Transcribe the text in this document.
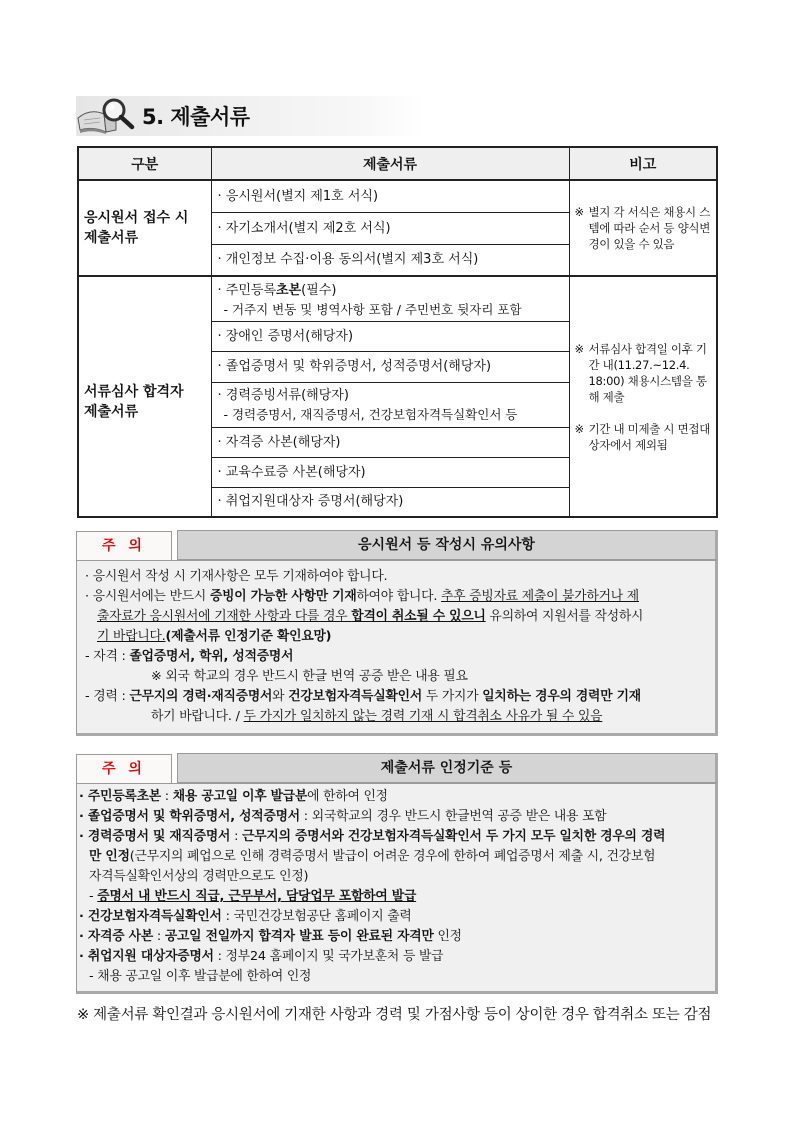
5. 제출서류
구분	제출서류	비고

응시원서 접수 시
제출서류
	· 응시원서(별지 제1호 서식)	
※ 별지 각 서식은 채용시 스템에 따라 순서 등 양식변경이 있을 수 있음

	· 자기소개서(별지 제2호 서식)	
	· 개인정보 수집·이용 동의서(별지 제3호 서식)	

서류심사 합격자
제출서류

· 주민등록초본(필수)
- 거주지 변동 및 병역사항 포함 / 주민번호 뒷자리 포함

※ 서류심사 합격일 이후 기간 내(11.27.~12.4. 18:00) 채용시스템을 통해 제출
※ 기간 내 미제출 시 면접대상자에서 제외됨

	· 장애인 증명서(해당자)	
	· 졸업증명서 및 학위증명서, 성적증명서(해당자)	

	· 경력증빙서류(해당자)
- 경력증명서, 재직증명서, 건강보험자격득실확인서 등	

	· 자격증 사본(해당자)	
	· 교육수료증 사본(해당자)	
	· 취업지원대상자 증명서(해당자)	
주 의	응시원서 등 작성시 유의사항
· 응시원서 작성 시 기재사항은 모두 기재하여야 합니다.
· 응시원서에는 반드시 증빙이 가능한 사항만 기재하여야 합니다. 추후 증빙자료 제출이 불가하거나 제
출자료가 응시원서에 기재한 사항과 다를 경우 합격이 취소될 수 있으니 유의하여 지원서를 작성하시
기 바랍니다.(제출서류 인정기준 확인요망)
- 자격 : 졸업증명서, 학위, 성적증명서
※ 외국 학교의 경우 반드시 한글 번역 공증 받은 내용 필요
- 경력 : 근무지의 경력·재직증명서와 건강보험자격득실확인서 두 가지가 일치하는 경우의 경력만 기재
하기 바랍니다. / 두 가지가 일치하지 않는 경력 기재 시 합격취소 사유가 될 수 있음
주 의	제출서류 인정기준 등
· 주민등록초본 : 채용 공고일 이후 발급분에 한하여 인정
· 졸업증명서 및 학위증명서, 성적증명서 : 외국학교의 경우 반드시 한글번역 공증 받은 내용 포함
· 경력증명서 및 재직증명서 : 근무지의 증명서와 건강보험자격득실확인서 두 가지 모두 일치한 경우의 경력
만 인정(근무지의 폐업으로 인해 경력증명서 발급이 어려운 경우에 한하여 폐업증명서 제출 시, 건강보험
자격득실확인서상의 경력만으로도 인정)
- 증명서 내 반드시 직급, 근무부서, 담당업무 포함하여 발급
· 건강보험자격득실확인서 : 국민건강보험공단 홈페이지 출력
· 자격증 사본 : 공고일 전일까지 합격자 발표 등이 완료된 자격만 인정
· 취업지원 대상자증명서 : 정부24 홈페이지 및 국가보훈처 등 발급
- 채용 공고일 이후 발급분에 한하여 인정
※ 제출서류 확인결과 응시원서에 기재한 사항과 경력 및 가점사항 등이 상이한 경우 합격취소 또는 감점
